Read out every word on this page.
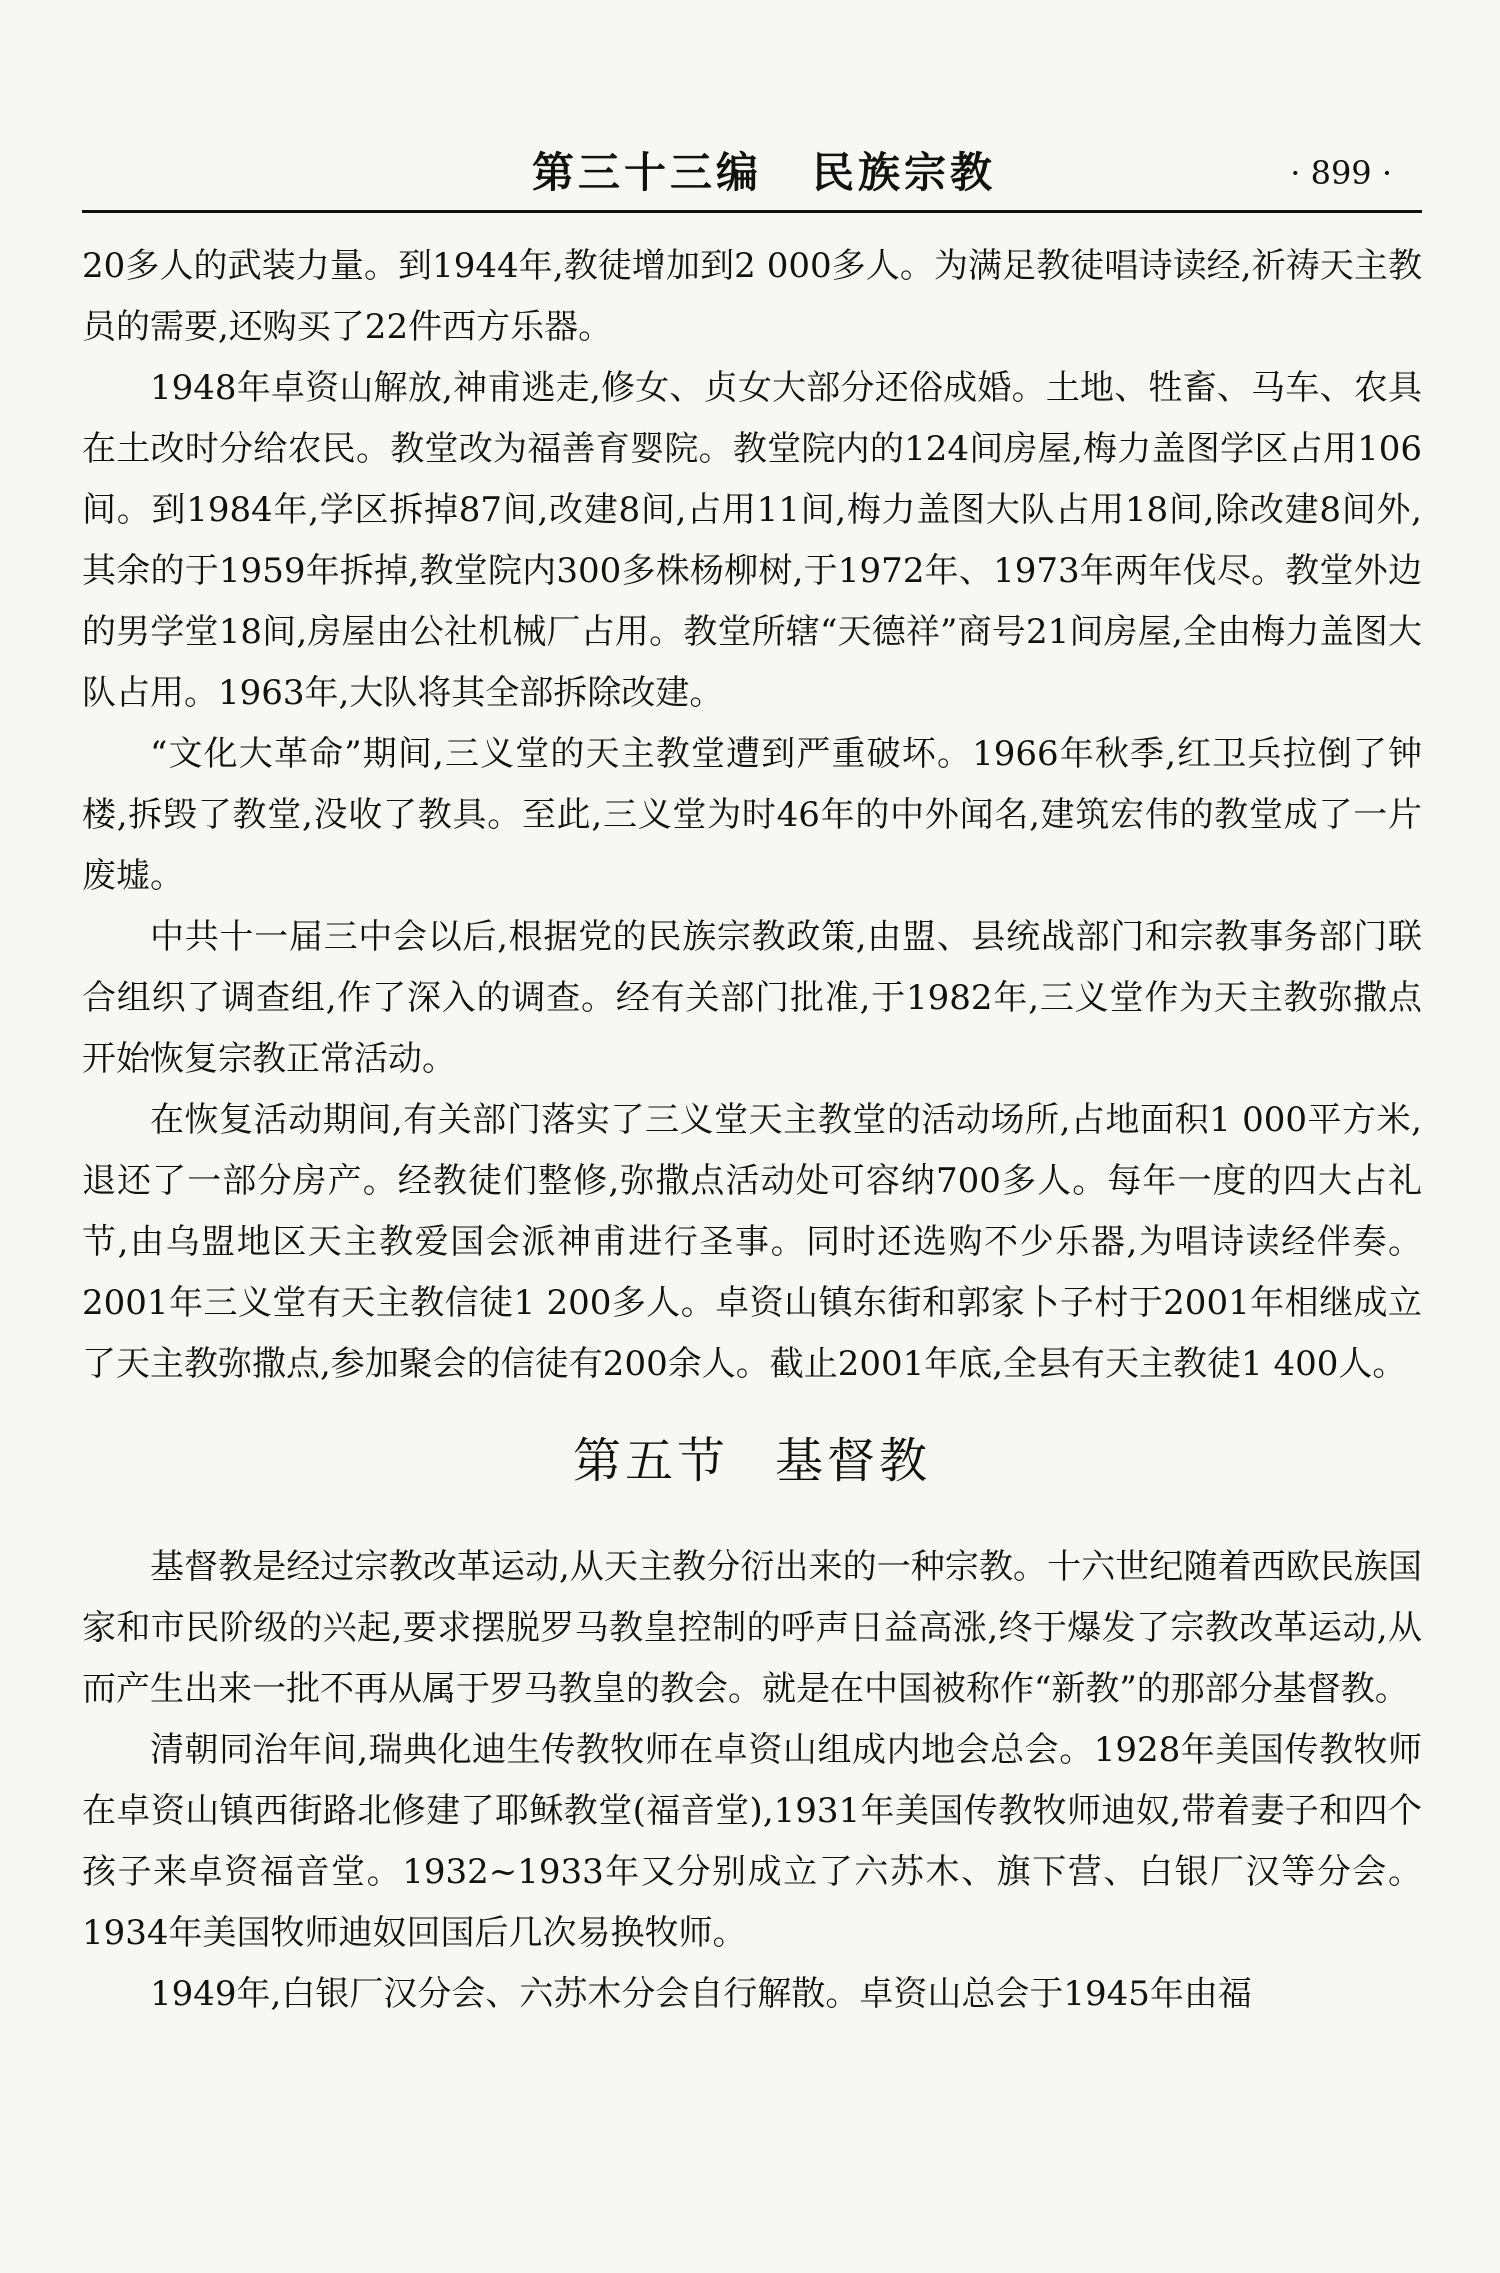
第三十三编 民族宗教	· 899 ·

20多人的武装力量。到1944年,教徒增加到2 000多人。为满足教徒唱诗读经,祈祷天主教员的需要,还购买了22件西方乐器。

1948年卓资山解放,神甫逃走,修女、贞女大部分还俗成婚。土地、牲畜、马车、农具在土改时分给农民。教堂改为福善育婴院。教堂院内的124间房屋,梅力盖图学区占用106间。到1984年,学区拆掉87间,改建8间,占用11间,梅力盖图大队占用18间,除改建8间外,其余的于1959年拆掉,教堂院内300多株杨柳树,于1972年、1973年两年伐尽。教堂外边的男学堂18间,房屋由公社机械厂占用。教堂所辖“天德祥”商号21间房屋,全由梅力盖图大队占用。1963年,大队将其全部拆除改建。

“文化大革命”期间,三义堂的天主教堂遭到严重破坏。1966年秋季,红卫兵拉倒了钟楼,拆毁了教堂,没收了教具。至此,三义堂为时46年的中外闻名,建筑宏伟的教堂成了一片废墟。

中共十一届三中会以后,根据党的民族宗教政策,由盟、县统战部门和宗教事务部门联合组织了调查组,作了深入的调查。经有关部门批准,于1982年,三义堂作为天主教弥撒点开始恢复宗教正常活动。

在恢复活动期间,有关部门落实了三义堂天主教堂的活动场所,占地面积1 000平方米,退还了一部分房产。经教徒们整修,弥撒点活动处可容纳700多人。每年一度的四大占礼节,由乌盟地区天主教爱国会派神甫进行圣事。同时还选购不少乐器,为唱诗读经伴奏。2001年三义堂有天主教信徒1 200多人。卓资山镇东街和郭家卜子村于2001年相继成立了天主教弥撒点,参加聚会的信徒有200余人。截止2001年底,全县有天主教徒1 400人。

第五节 基督教

基督教是经过宗教改革运动,从天主教分衍出来的一种宗教。十六世纪随着西欧民族国家和市民阶级的兴起,要求摆脱罗马教皇控制的呼声日益高涨,终于爆发了宗教改革运动,从而产生出来一批不再从属于罗马教皇的教会。就是在中国被称作“新教”的那部分基督教。

清朝同治年间,瑞典化迪生传教牧师在卓资山组成内地会总会。1928年美国传教牧师在卓资山镇西街路北修建了耶稣教堂(福音堂),1931年美国传教牧师迪奴,带着妻子和四个孩子来卓资福音堂。1932~1933年又分别成立了六苏木、旗下营、白银厂汉等分会。1934年美国牧师迪奴回国后几次易换牧师。

1949年,白银厂汉分会、六苏木分会自行解散。卓资山总会于1945年由福
